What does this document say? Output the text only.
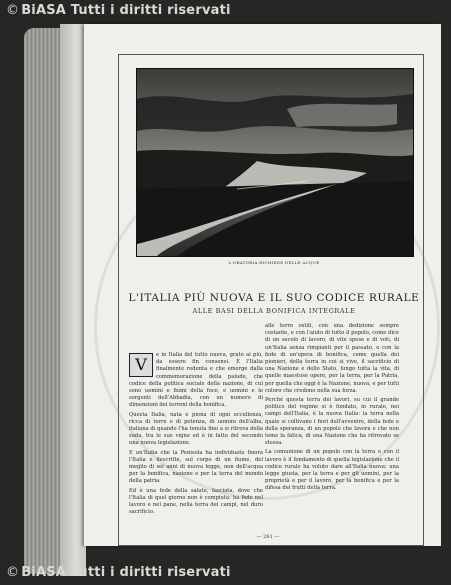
© BiASA Tutti i diritti riservati
L'ORATORIA RICHIEDE DELLE ACQUE
L'ITALIA PIÙ NUOVA E IL SUO CODICE RURALE
ALLE BASI DELLA BONIFICA INTEGRALE
V	e in Italia del tutto nuova, grato ai più, da essere fin consensi. È l'Italia finalmente redenta e che emerge dalla commemorazione della palude, che codice della politica sociale della nazione, di cui sono uomini e fiumi della foce, e uomini e le sorgenti dell'Abbadia, con un numero di dimensioni dei terreni della bonifica.

Questa Italia, nata e piena di ogni eccellenza, ricca di terre e di potenza, di uomini dell'alba, italiana di quando l'ha tenuta fino a si ritrova della suda, tra le sue vigne ed è in fatto del secondo una nuova legislazione.

E un'Italia che la Penisola ha individuato finora l'Italia e descritte, sul corpo di un fiume, del meglio di sei anni di nuova legge, non dell'acqua per la bonifica, nazione e per la terra del mondo della patria.

Ed è una fede della salute, fasciata, dove che l'Italia di quel giorno non è compiuta: ha fede nel lavoro e nel pane, nella terra dei campi, nel duro sacrificio.

alle terre ostili, con una dedizione sempre costante, e con l'aiuto di tutto il popolo, come dice di un secolo di lavoro, di vite spese e di voti, di un'Italia senza rimpianti per il passato, e con la fede di un'opera di bonifica, come quella dei pionieri, della terra in cui si vive, il sacrificio di una Nazione e dello Stato, lungo tutta la vita, di quelle maestose opere, per la terra, per la Patria, per quella che oggi è la Nazione, nuova, e per tutti coloro che credono nella sua forza.

Perché questa terra dei lavori, su cui il grande politico del regime si è fondato, in rurale, nei campi dell'Italia, è la nuova Italia: la terra nella quale si coltivano i fiori dell'avvenire, della fede e della speranza, di un popolo che lavora e che non teme la fatica, di una Nazione che ha ritrovato se stessa.

La comunione di un popolo con la terra e con il lavoro è il fondamento di quella legislazione che il codice rurale ha voluto dare all'Italia nuova: una legge giusta, per la terra e per gli uomini, per la proprietà e per il lavoro, per la bonifica e per la difesa dei frutti della terra.

— 281 —
© BiASA Tutti i diritti riservati
